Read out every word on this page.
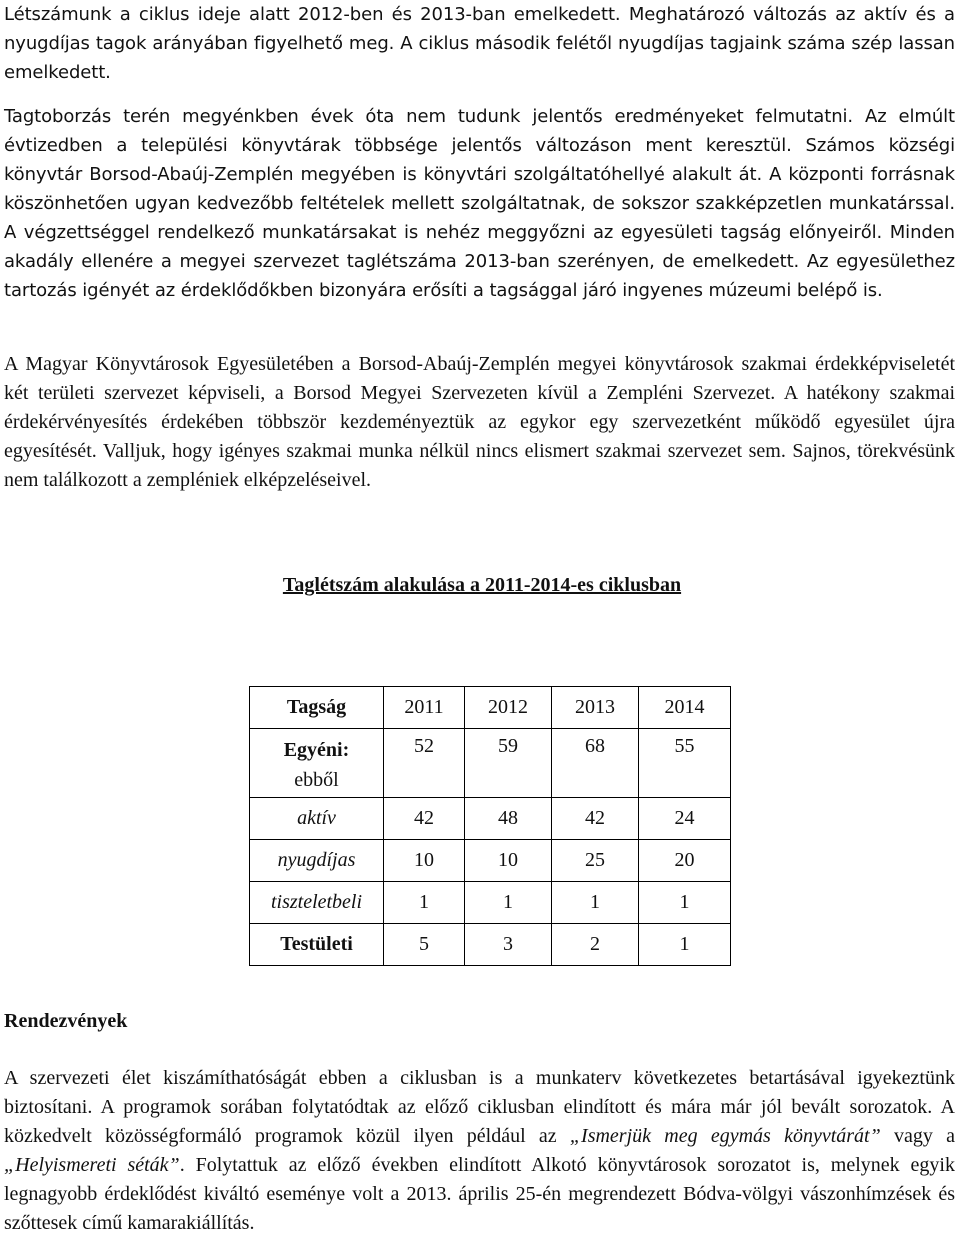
Létszámunk a ciklus ideje alatt 2012-ben és 2013-ban emelkedett. Meghatározó változás az aktív és a nyugdíjas tagok arányában figyelhető meg. A ciklus második felétől nyugdíjas tagjaink száma szép lassan emelkedett.

Tagtoborzás terén megyénkben évek óta nem tudunk jelentős eredményeket felmutatni. Az elmúlt évtizedben a települési könyvtárak többsége jelentős változáson ment keresztül. Számos községi könyvtár Borsod-Abaúj-Zemplén megyében is könyvtári szolgáltatóhellyé alakult át. A központi forrásnak köszönhetően ugyan kedvezőbb feltételek mellett szolgáltatnak, de sokszor szakképzetlen munkatárssal. A végzettséggel rendelkező munkatársakat is nehéz meggyőzni az egyesületi tagság előnyeiről. Minden akadály ellenére a megyei szervezet taglétszáma 2013-ban szerényen, de emelkedett. Az egyesülethez tartozás igényét az érdeklődőkben bizonyára erősíti a tagsággal járó ingyenes múzeumi belépő is.

A Magyar Könyvtárosok Egyesületében a Borsod-Abaúj-Zemplén megyei könyvtárosok szakmai érdekképviseletét két területi szervezet képviseli, a Borsod Megyei Szervezeten kívül a Zempléni Szervezet. A hatékony szakmai érdekérvényesítés érdekében többször kezdeményeztük az egykor egy szervezetként működő egyesület újra egyesítését. Valljuk, hogy igényes szakmai munka nélkül nincs elismert szakmai szervezet sem. Sajnos, törekvésünk nem találkozott a zempléniek elképzeléseivel.

Taglétszám alakulása a 2011-2014-es ciklusban
Tagság	2011	2012	2013	2014
Egyéni:
ebből	52	59	68	55
aktív	42	48	42	24
nyugdíjas	10	10	25	20
tiszteletbeli	1	1	1	1
Testületi	5	3	2	1
Rendezvények

A szervezeti élet kiszámíthatóságát ebben a ciklusban is a munkaterv következetes betartásával igyekeztünk biztosítani. A programok sorában folytatódtak az előző ciklusban elindított és mára már jól bevált sorozatok. A közkedvelt közösségformáló programok közül ilyen például az „Ismerjük meg egymás könyvtárát” vagy a „Helyismereti séták”. Folytattuk az előző években elindított Alkotó könyvtárosok sorozatot is, melynek egyik legnagyobb érdeklődést kiváltó eseménye volt a 2013. április 25-én megrendezett Bódva-völgyi vászonhímzések és szőttesek című kamarakiállítás.
